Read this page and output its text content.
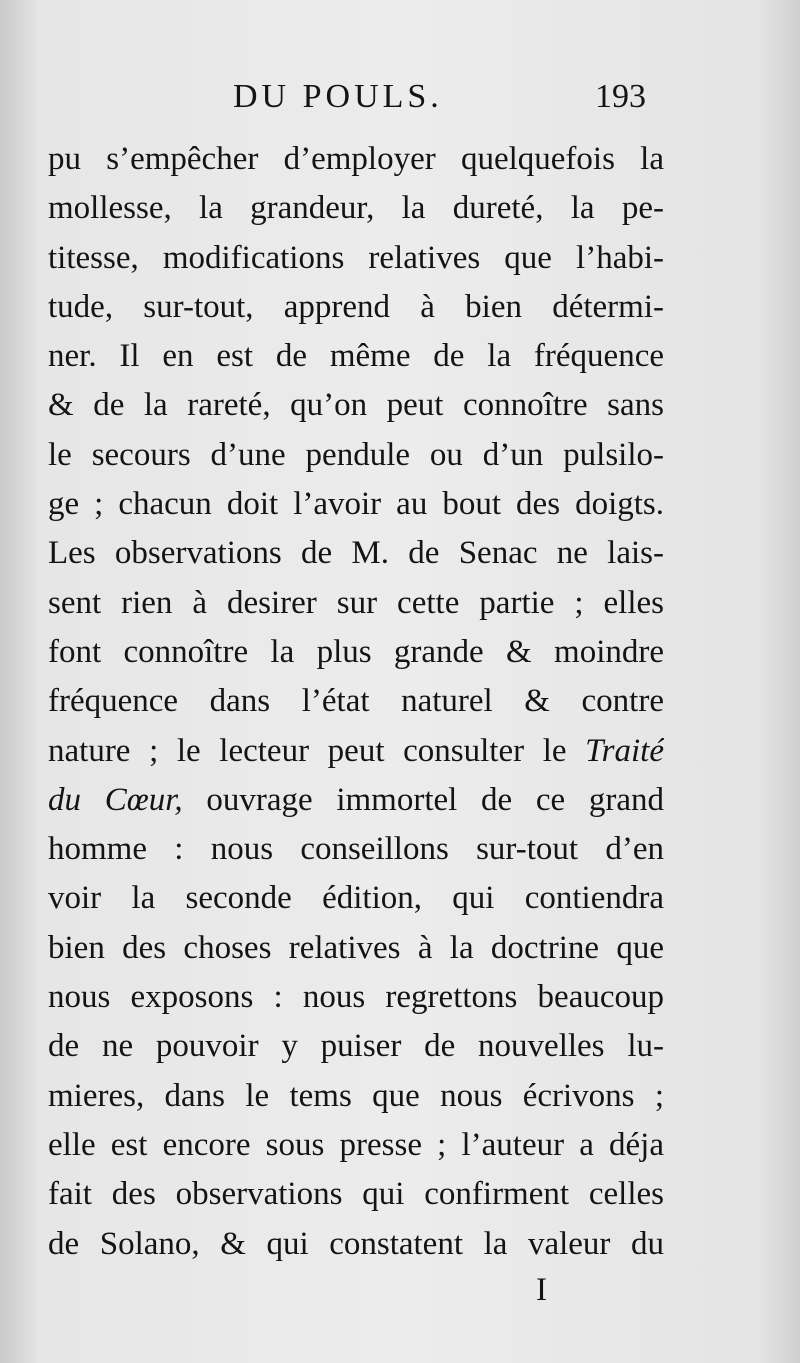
DU POULS.	193
pu s’empêcher d’employer quelquefois la
mollesse, la grandeur, la dureté, la pe-
titesse, modifications relatives que l’habi-
tude, sur-tout, apprend à bien détermi-
ner. Il en est de même de la fréquence
& de la rareté, qu’on peut connoître sans
le secours d’une pendule ou d’un pulsilo-
ge ; chacun doit l’avoir au bout des doigts.
Les observations de M. de Senac ne lais-
sent rien à desirer sur cette partie ; elles
font connoître la plus grande & moindre
fréquence dans l’état naturel & contre
nature ; le lecteur peut consulter le Traité
du Cœur, ouvrage immortel de ce grand
homme : nous conseillons sur-tout d’en
voir la seconde édition, qui contiendra
bien des choses relatives à la doctrine que
nous exposons : nous regrettons beaucoup
de ne pouvoir y puiser de nouvelles lu-
mieres, dans le tems que nous écrivons ;
elle est encore sous presse ; l’auteur a déja
fait des observations qui confirment celles
de Solano, & qui constatent la valeur du
I
